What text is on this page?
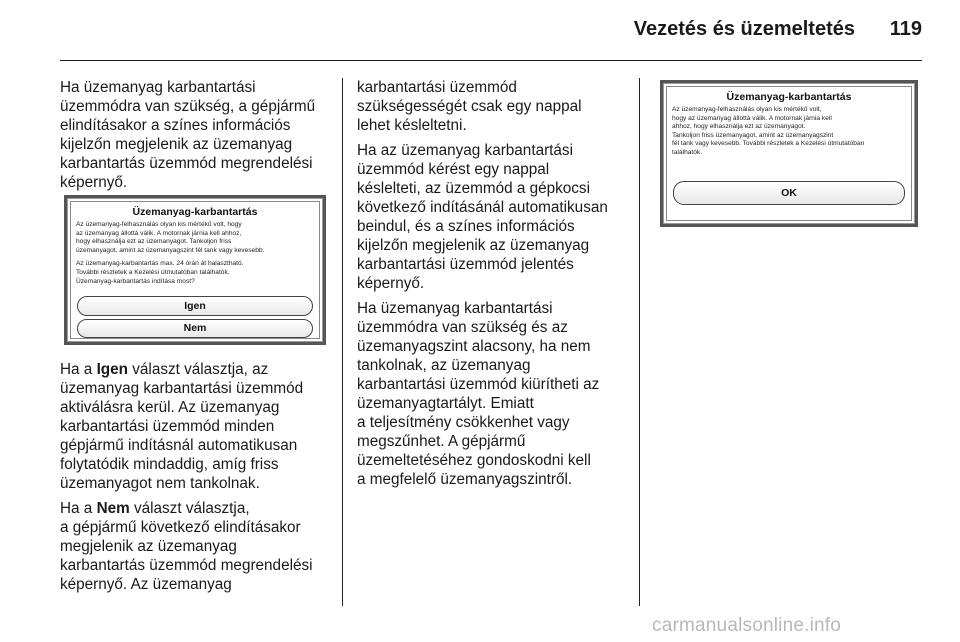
Vezetés és üzemeltetés 119

Ha üzemanyag karbantartási
üzemmódra van szükség, a gépjármű
elindításakor a színes információs
kijelzőn megjelenik az üzemanyag
karbantartás üzemmód megrendelési
képernyő.

Üzemanyag-karbantartás
Az üzemanyag-felhasználás olyan kis mértékű volt, hogy
az üzemanyag állottá válik. A motornak járnia kell ahhoz,
hogy elhasználja ezt az üzemanyagot. Tankoljon friss
üzemanyagot, amint az üzemanyagszint fél tank vagy kevesebb.
Az üzemanyag-karbantartás max. 24 órán át halasztható.
További részletek a Kezelési útmutatóban találhatók.
Üzemanyag-karbantartás indítása most?
Igen
Nem

Ha a Igen választ választja, az
üzemanyag karbantartási üzemmód
aktiválásra kerül. Az üzemanyag
karbantartási üzemmód minden
gépjármű indításnál automatikusan
folytatódik mindaddig, amíg friss
üzemanyagot nem tankolnak.

Ha a Nem választ választja,
a gépjármű következő elindításakor
megjelenik az üzemanyag
karbantartás üzemmód megrendelési
képernyő. Az üzemanyag

karbantartási üzemmód
szükségességét csak egy nappal
lehet késleltetni.

Ha az üzemanyag karbantartási
üzemmód kérést egy nappal
késlelteti, az üzemmód a gépkocsi
következő indításánál automatikusan
beindul, és a színes információs
kijelzőn megjelenik az üzemanyag
karbantartási üzemmód jelentés
képernyő.

Ha üzemanyag karbantartási
üzemmódra van szükség és az
üzemanyagszint alacsony, ha nem
tankolnak, az üzemanyag
karbantartási üzemmód kiürítheti az
üzemanyagtartályt. Emiatt
a teljesítmény csökkenhet vagy
megszűnhet. A gépjármű
üzemeltetéséhez gondoskodni kell
a megfelelő üzemanyagszintről.

Üzemanyag-karbantartás
Az üzemanyag-felhasználás olyan kis mértékű volt,
hogy az üzemanyag állottá válik. A motornak járnia kell
ahhoz, hogy elhasználja ezt az üzemanyagot.
Tankoljon friss üzemanyagot, amint az üzemanyagszint
fél tank vagy kevesebb. További részletek a Kezelési útmutatóban
találhatók.
OK
carmanualsonline.info
